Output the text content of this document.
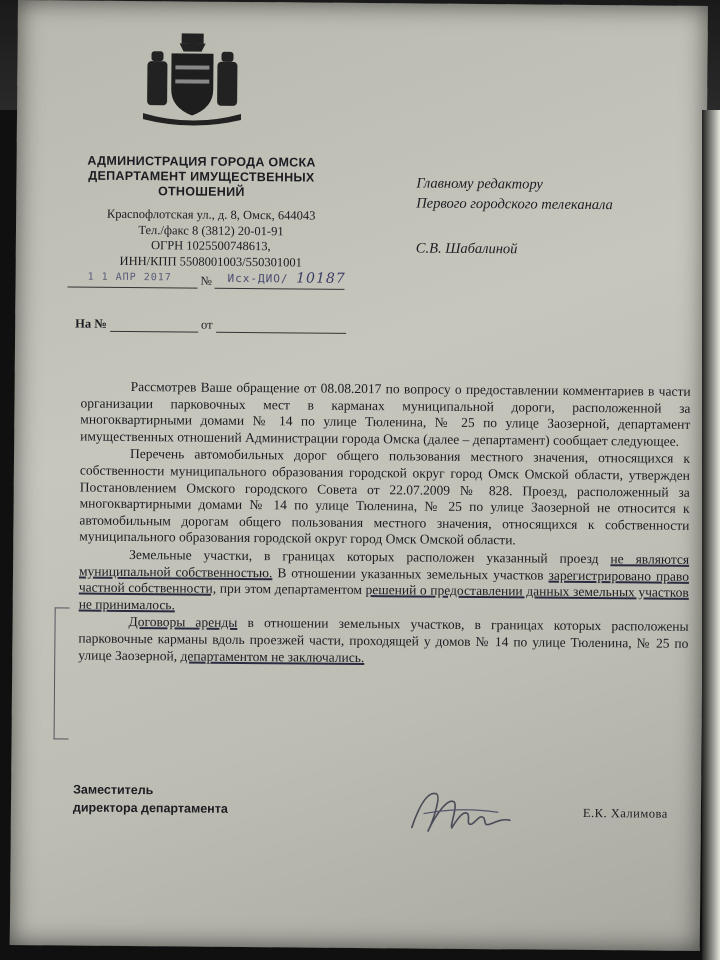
АДМИНИСТРАЦИЯ ГОРОДА ОМСКА
ДЕПАРТАМЕНТ ИМУЩЕСТВЕННЫХ
ОТНОШЕНИЙ
Красnoфлотская ул., д. 8, Омск, 644043
Тел./факс 8 (3812) 20-01-91
ОГРН 1025500748613,
ИНН/КПП 5508001003/550301001
№
1 1 АПР 2017	Исх-ДИО/ 10187
На №	от
Главному редактору
Первого городского телеканала
С.В. Шабалиной

Рассмотрев Ваше обращение от 08.08.2017 по вопросу о предоставлении комментариев в части организации парковочных мест в карманах муниципальной дороги, расположенной за многоквартирными домами № 14 по улице Тюленина, № 25 по улице Заозерной, департамент имущественных отношений Администрации города Омска (далее – департамент) сообщает следующее.

Перечень автомобильных дорог общего пользования местного значения, относящихся к собственности муниципального образования городской округ город Омск Омской области, утвержден Постановлением Омского городского Совета от 22.07.2009 № 828. Проезд, расположенный за многоквартирными домами № 14 по улице Тюленина, № 25 по улице Заозерной не относится к автомобильным дорогам общего пользования местного значения, относящихся к собственности муниципального образования городской округ город Омск Омской области.

Земельные участки, в границах которых расположен указанный проезд не являются муниципальной собственностью. В отношении указанных земельных участков зарегистрировано право частной собственности, при этом департаментом решений о предоставлении данных земельных участков не принималось.

Договоры аренды в отношении земельных участков, в границах которых расположены парковочные карманы вдоль проезжей части, проходящей у домов № 14 по улице Тюленина, № 25 по улице Заозерной, департаментом не заключались.

Заместитель
директора департамента	Е.К. Халимова
